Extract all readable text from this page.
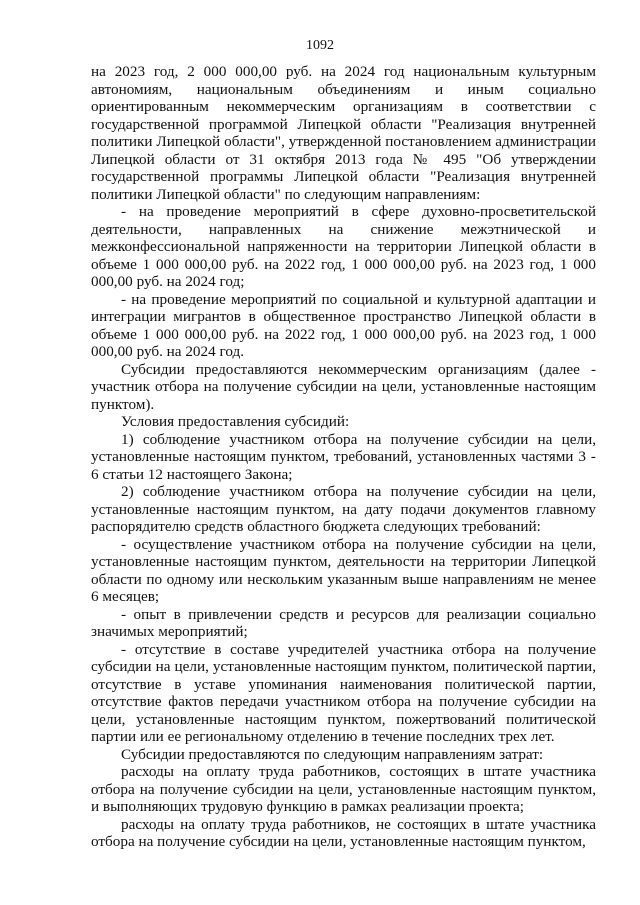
1092

на 2023 год, 2 000 000,00 руб. на 2024 год национальным культурным автономиям, национальным объединениям и иным социально ориентированным некоммерческим организациям в соответствии с государственной программой Липецкой области "Реализация внутренней политики Липецкой области", утвержденной постановлением администрации Липецкой области от 31 октября 2013 года № 495 "Об утверждении государственной программы Липецкой области "Реализация внутренней политики Липецкой области" по следующим направлениям:

- на проведение мероприятий в сфере духовно-просветительской деятельности, направленных на снижение межэтнической и межконфессиональной напряженности на территории Липецкой области в объеме 1 000 000,00 руб. на 2022 год, 1 000 000,00 руб. на 2023 год, 1 000 000,00 руб. на 2024 год;

- на проведение мероприятий по социальной и культурной адаптации и интеграции мигрантов в общественное пространство Липецкой области в объеме 1 000 000,00 руб. на 2022 год, 1 000 000,00 руб. на 2023 год, 1 000 000,00 руб. на 2024 год.

Субсидии предоставляются некоммерческим организациям (далее - участник отбора на получение субсидии на цели, установленные настоящим пунктом).

Условия предоставления субсидий:

1) соблюдение участником отбора на получение субсидии на цели, установленные настоящим пунктом, требований, установленных частями 3 - 6 статьи 12 настоящего Закона;

2) соблюдение участником отбора на получение субсидии на цели, установленные настоящим пунктом, на дату подачи документов главному распорядителю средств областного бюджета следующих требований:

- осуществление участником отбора на получение субсидии на цели, установленные настоящим пунктом, деятельности на территории Липецкой области по одному или нескольким указанным выше направлениям не менее 6 месяцев;

- опыт в привлечении средств и ресурсов для реализации социально значимых мероприятий;

- отсутствие в составе учредителей участника отбора на получение субсидии на цели, установленные настоящим пунктом, политической партии, отсутствие в уставе упоминания наименования политической партии, отсутствие фактов передачи участником отбора на получение субсидии на цели, установленные настоящим пунктом, пожертвований политической партии или ее региональному отделению в течение последних трех лет.

Субсидии предоставляются по следующим направлениям затрат:

расходы на оплату труда работников, состоящих в штате участника отбора на получение субсидии на цели, установленные настоящим пунктом, и выполняющих трудовую функцию в рамках реализации проекта;

расходы на оплату труда работников, не состоящих в штате участника отбора на получение субсидии на цели, установленные настоящим пунктом,
